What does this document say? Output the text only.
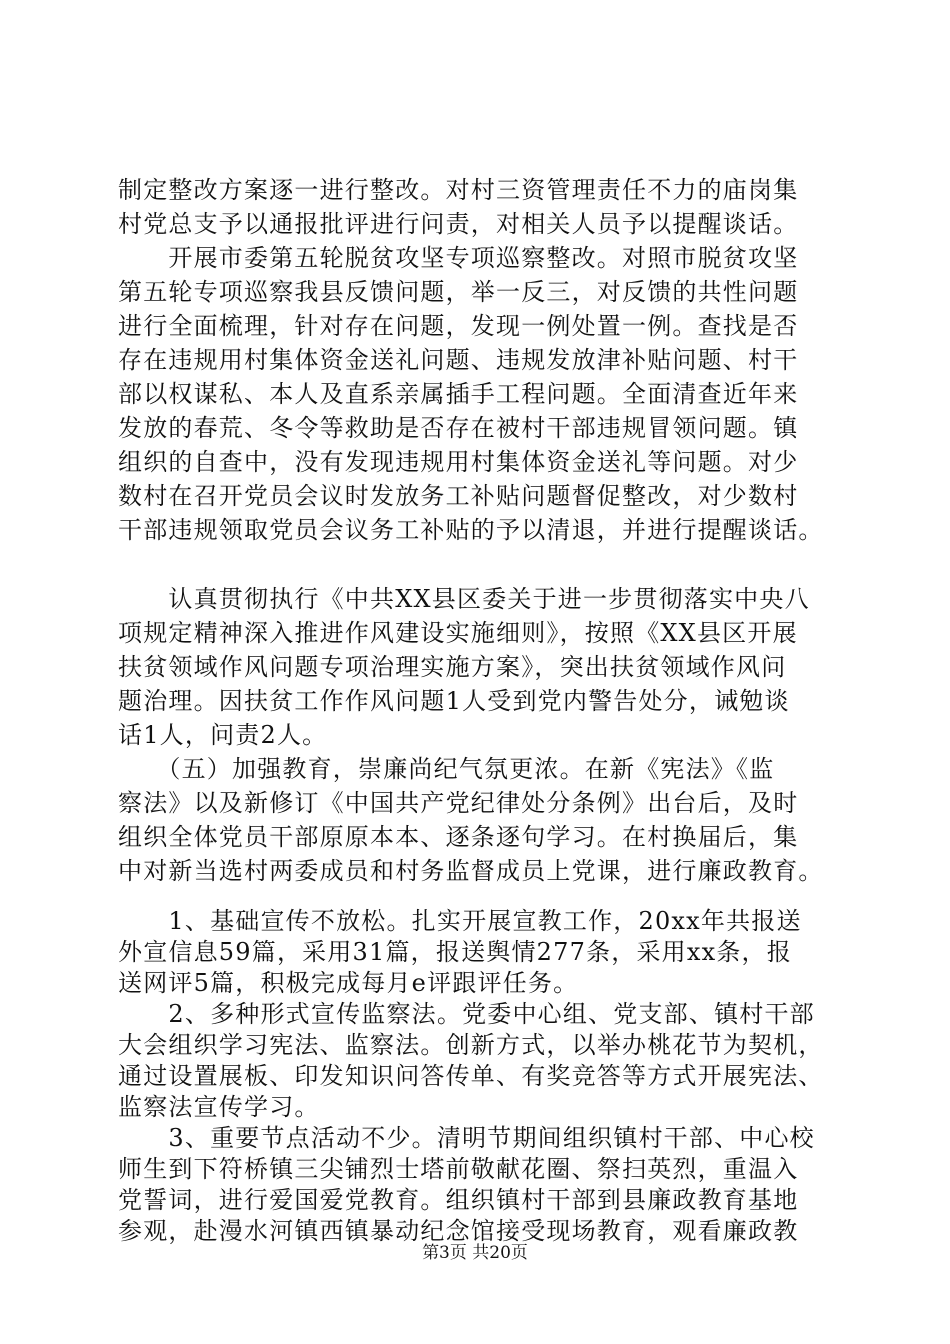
制定整改方案逐一进行整改。对村三资管理责任不力的庙岗集
村党总支予以通报批评进行问责，对相关人员予以提醒谈话。
　　开展市委第五轮脱贫攻坚专项巡察整改。对照市脱贫攻坚
第五轮专项巡察我县反馈问题，举一反三，对反馈的共性问题
进行全面梳理，针对存在问题，发现一例处置一例。查找是否
存在违规用村集体资金送礼问题、违规发放津补贴问题、村干
部以权谋私、本人及直系亲属插手工程问题。全面清查近年来
发放的春荒、冬令等救助是否存在被村干部违规冒领问题。镇
组织的自查中，没有发现违规用村集体资金送礼等问题。对少
数村在召开党员会议时发放务工补贴问题督促整改，对少数村
干部违规领取党员会议务工补贴的予以清退，并进行提醒谈话。
　　认真贯彻执行《中共XX县区委关于进一步贯彻落实中央八
项规定精神深入推进作风建设实施细则》，按照《XX县区开展
扶贫领域作风问题专项治理实施方案》，突出扶贫领域作风问
题治理。因扶贫工作作风问题1人受到党内警告处分，诫勉谈
话1人，问责2人。
　　（五）加强教育，崇廉尚纪气氛更浓。在新《宪法》《监
察法》以及新修订《中国共产党纪律处分条例》出台后，及时
组织全体党员干部原原本本、逐条逐句学习。在村换届后，集
中对新当选村两委成员和村务监督成员上党课，进行廉政教育。
　　1、基础宣传不放松。扎实开展宣教工作，20xx年共报送
外宣信息59篇，采用31篇，报送舆情277条，采用xx条，报
送网评5篇，积极完成每月e评跟评任务。
　　2、多种形式宣传监察法。党委中心组、党支部、镇村干部
大会组织学习宪法、监察法。创新方式，以举办桃花节为契机，
通过设置展板、印发知识问答传单、有奖竞答等方式开展宪法、
监察法宣传学习。
　　3、重要节点活动不少。清明节期间组织镇村干部、中心校
师生到下符桥镇三尖铺烈士塔前敬献花圈、祭扫英烈，重温入
第3页 共20页
党誓词，进行爱国爱党教育。组织镇村干部到县廉政教育基地
参观，赴漫水河镇西镇暴动纪念馆接受现场教育，观看廉政教
